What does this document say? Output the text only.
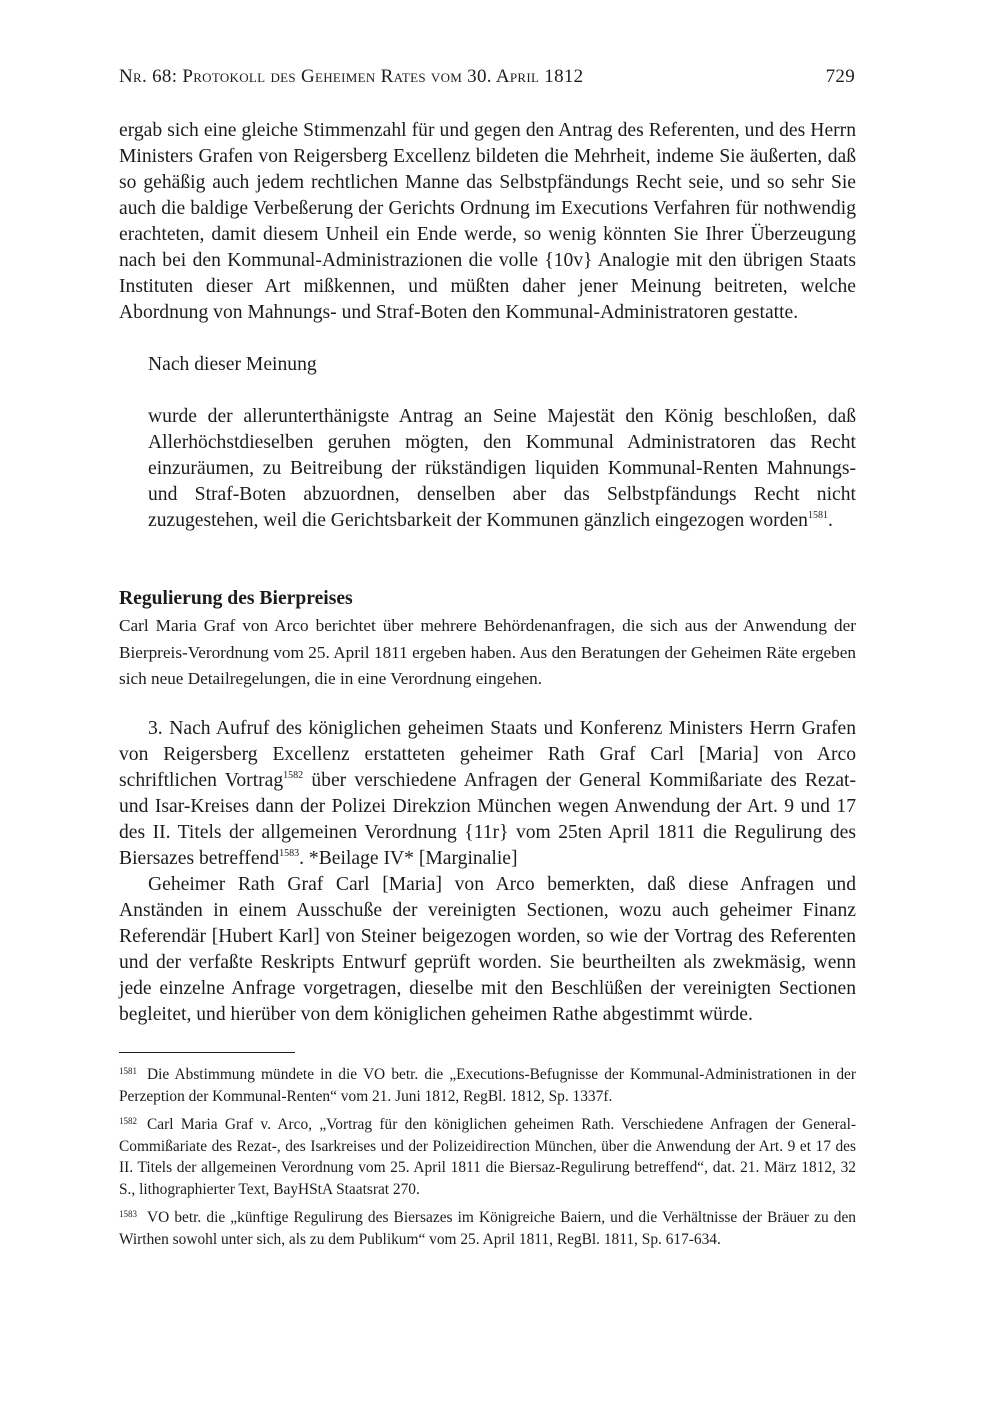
Nr. 68: Protokoll des Geheimen Rates vom 30. April 1812	729

ergab sich eine gleiche Stimmenzahl für und gegen den Antrag des Referenten, und des Herrn Ministers Grafen von Reigersberg Excellenz bildeten die Mehrheit, indeme Sie äußerten, daß so gehäßig auch jedem rechtlichen Manne das Selbstpfändungs Recht seie, und so sehr Sie auch die baldige Verbeßerung der Gerichts Ordnung im Executions Verfahren für nothwendig erachteten, damit diesem Unheil ein Ende werde, so wenig könnten Sie Ihrer Überzeugung nach bei den Kommunal-Administrazionen die volle {10v} Analogie mit den übrigen Staats Instituten dieser Art mißkennen, und müßten daher jener Meinung beitreten, welche Abordnung von Mahnungs- und Straf-Boten den Kommunal-Administratoren gestatte.

Nach dieser Meinung

wurde der allerunterthänigste Antrag an Seine Majestät den König beschloßen, daß Allerhöchstdieselben geruhen mögten, den Kommunal Administratoren das Recht einzuräumen, zu Beitreibung der rükständigen liquiden Kommunal-Renten Mahnungs- und Straf-Boten abzuordnen, denselben aber das Selbstpfändungs Recht nicht zuzugestehen, weil die Gerichtsbarkeit der Kommunen gänzlich eingezogen worden$^{1581}$.

Regulierung des Bierpreises
Carl Maria Graf von Arco berichtet über mehrere Behördenanfragen, die sich aus der Anwendung der Bierpreis-Verordnung vom 25. April 1811 ergeben haben. Aus den Beratungen der Geheimen Räte ergeben sich neue Detailregelungen, die in eine Verordnung eingehen.

3. Nach Aufruf des königlichen geheimen Staats und Konferenz Ministers Herrn Grafen von Reigersberg Excellenz erstatteten geheimer Rath Graf Carl [Maria] von Arco schriftlichen Vortrag$^{1582}$ über verschiedene Anfragen der General Kommißariate des Rezat- und Isar-Kreises dann der Polizei Direkzion München wegen Anwendung der Art. 9 und 17 des II. Titels der allgemeinen Verordnung {11r} vom 25ten April 1811 die Regulirung des Biersazes betreffend$^{1583}$. *Beilage IV* [Marginalie]

Geheimer Rath Graf Carl [Maria] von Arco bemerkten, daß diese Anfragen und Anständen in einem Ausschuße der vereinigten Sectionen, wozu auch geheimer Finanz Referendär [Hubert Karl] von Steiner beigezogen worden, so wie der Vortrag des Referenten und der verfaßte Reskripts Entwurf geprüft worden. Sie beurtheilten als zwekmäsig, wenn jede einzelne Anfrage vorgetragen, dieselbe mit den Beschlüßen der vereinigten Sectionen begleitet, und hierüber von dem königlichen geheimen Rathe abgestimmt würde.

$^{1581}$ Die Abstimmung mündete in die VO betr. die „Executions-Befugnisse der Kommunal-Administrationen in der Perzeption der Kommunal-Renten“ vom 21. Juni 1812, RegBl. 1812, Sp. 1337f.

$^{1582}$ Carl Maria Graf v. Arco, „Vortrag für den königlichen geheimen Rath. Verschiedene Anfragen der General-Commißariate des Rezat-, des Isarkreises und der Polizeidirection München, über die Anwendung der Art. 9 et 17 des II. Titels der allgemeinen Verordnung vom 25. April 1811 die Biersaz-Regulirung betreffend“, dat. 21. März 1812, 32 S., lithographierter Text, BayHStA Staatsrat 270.

$^{1583}$ VO betr. die „künftige Regulirung des Biersazes im Königreiche Baiern, und die Verhältnisse der Bräuer zu den Wirthen sowohl unter sich, als zu dem Publikum“ vom 25. April 1811, RegBl. 1811, Sp. 617-634.
